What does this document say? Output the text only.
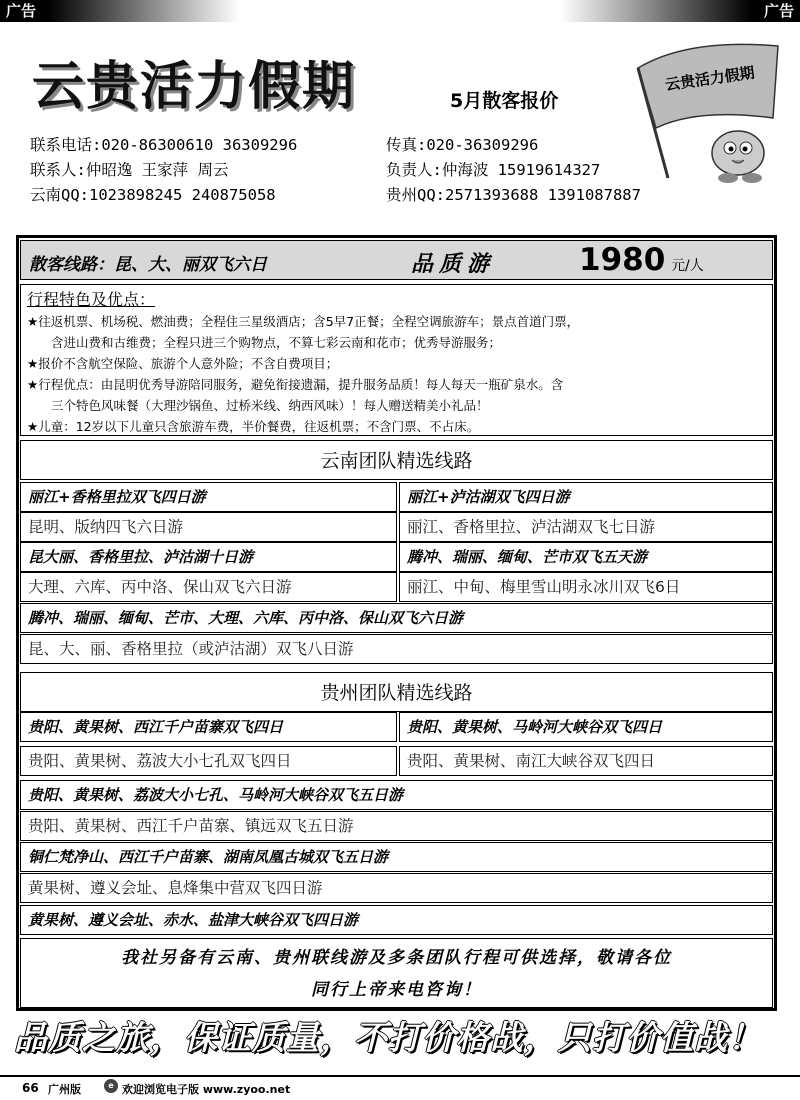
广告	广告
云贵活力假期	5月散客报价
云贵活力假期
联系电话:020-86300610 36309296	传真:020-36309296
联系人:仲昭逸 王家萍 周云	负责人:仲海波 15919614327
云南QQ:1023898245 240875058	贵州QQ:2571393688 1391087887
散客线路：昆、大、丽双飞六日	品质游	1980 元/人
行程特色及优点：

★往返机票、机场税、燃油费；全程住三星级酒店；含5早7正餐；全程空调旅游车；景点首道门票，

含进山费和古维费；全程只进三个购物点，不算七彩云南和花市；优秀导游服务；

★报价不含航空保险、旅游个人意外险；不含自费项目；

★行程优点：由昆明优秀导游陪同服务，避免衔接遗漏，提升服务品质！每人每天一瓶矿泉水。含

三个特色风味餐（大理沙锅鱼、过桥米线、纳西风味）！每人赠送精美小礼品！

★儿童：12岁以下儿童只含旅游车费，半价餐费，往返机票；不含门票、不占床。

云南团队精选线路
丽江+香格里拉双飞四日游	丽江+泸沽湖双飞四日游
昆明、版纳四飞六日游	丽江、香格里拉、泸沽湖双飞七日游
昆大丽、香格里拉、泸沽湖十日游	腾冲、瑞丽、缅甸、芒市双飞五天游
大理、六库、丙中洛、保山双飞六日游	丽江、中甸、梅里雪山明永冰川双飞6日
腾冲、瑞丽、缅甸、芒市、大理、六库、丙中洛、保山双飞六日游
昆、大、丽、香格里拉（或泸沽湖）双飞八日游
贵州团队精选线路
贵阳、黄果树、西江千户苗寨双飞四日	贵阳、黄果树、马岭河大峡谷双飞四日
贵阳、黄果树、荔波大小七孔双飞四日	贵阳、黄果树、南江大峡谷双飞四日
贵阳、黄果树、荔波大小七孔、马岭河大峡谷双飞五日游
贵阳、黄果树、西江千户苗寨、镇远双飞五日游
铜仁梵净山、西江千户苗寨、湖南凤凰古城双飞五日游
黄果树、遵义会址、息烽集中营双飞四日游
黄果树、遵义会址、赤水、盐津大峡谷双飞四日游
我社另备有云南、贵州联线游及多条团队行程可供选择，敬请各位
同行上帝来电咨询！
品质之旅，保证质量，不打价格战，只打价值战！
66 广州版	e 欢迎浏览电子版 www.zyoo.net
